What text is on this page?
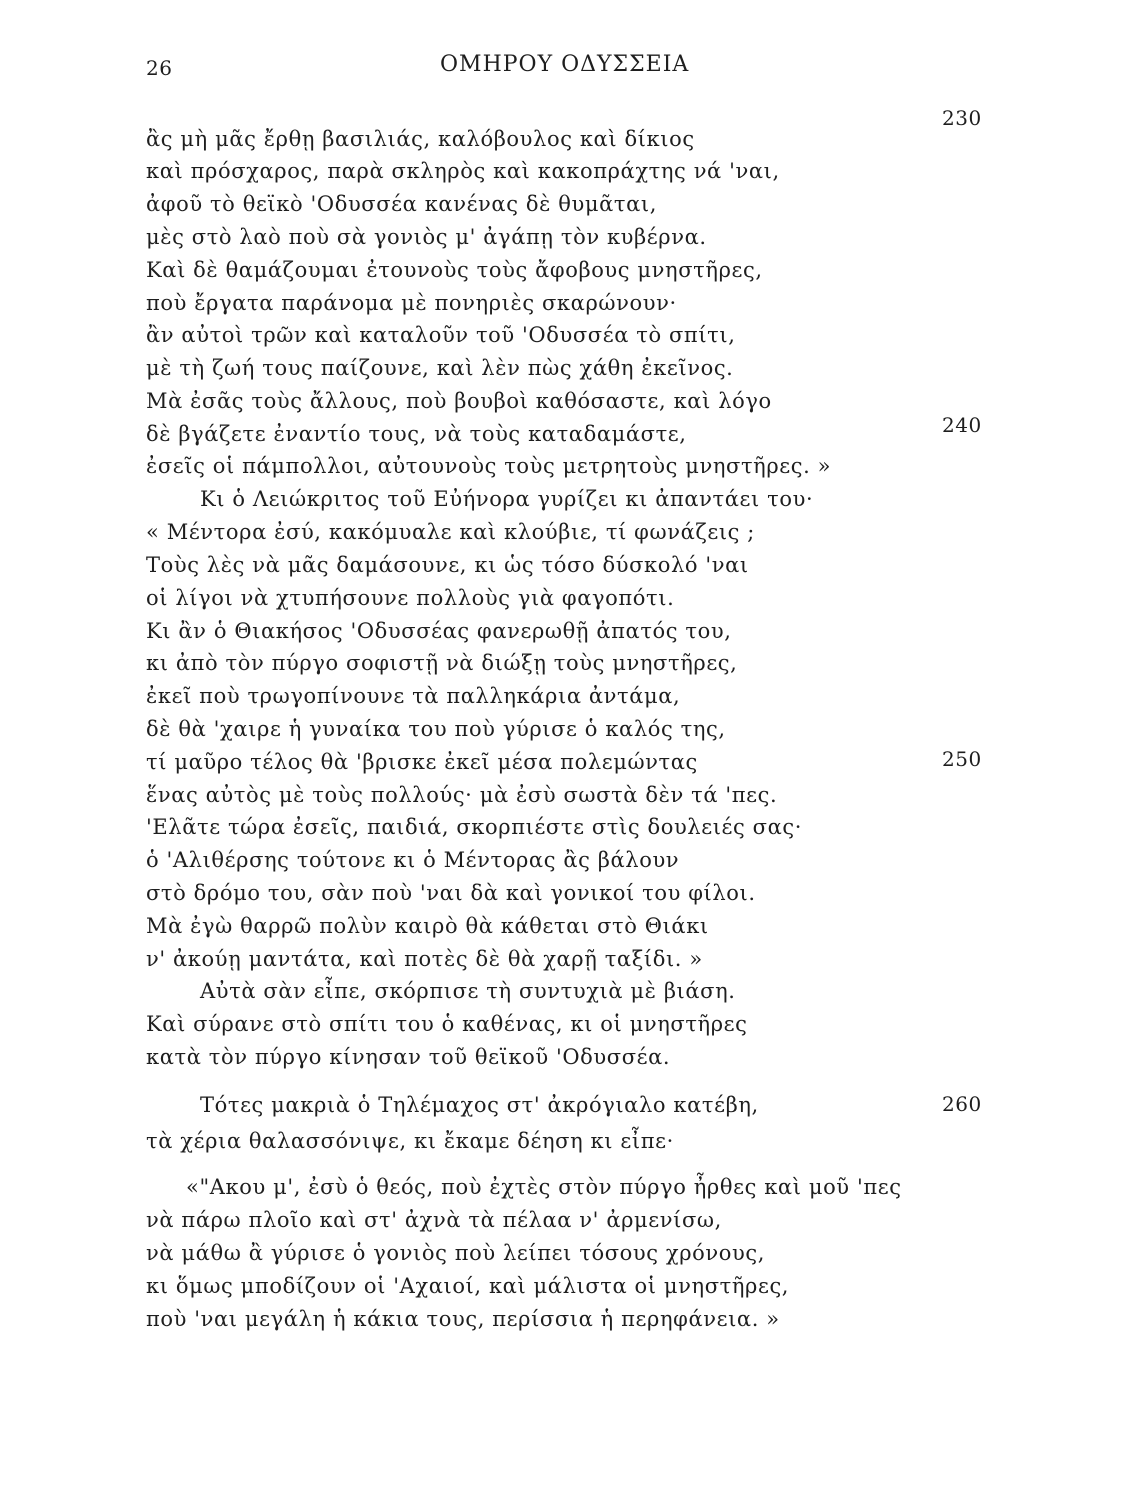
26	ΟΜΗΡΟΥ ΟΔΥΣΣΕΙΑ
ἂς μὴ μᾶς ἔρθῃ βασιλιάς, καλόβουλος καὶ δίκιος
καὶ πρόσχαρος, παρὰ σκληρὸς καὶ κακοπράχτης νά 'ναι,
ἀφοῦ τὸ θεϊκὸ 'Οδυσσέα κανένας δὲ θυμᾶται,
μὲς στὸ λαὸ ποὺ σὰ γονιὸς μ' ἀγάπῃ τὸν κυβέρνα.
Καὶ δὲ θαμάζουμαι ἐτουνοὺς τοὺς ἄφοβους μνηστῆρες,
ποὺ ἔργατα παράνομα μὲ πονηριὲς σκαρώνουν·
ἂν αὐτοὶ τρῶν καὶ καταλοῦν τοῦ 'Οδυσσέα τὸ σπίτι,
μὲ τὴ ζωή τους παίζουνε, καὶ λὲν πὼς χάθη ἐκεῖνος.
Μὰ ἐσᾶς τοὺς ἄλλους, ποὺ βουβοὶ καθόσαστε, καὶ λόγο
δὲ βγάζετε ἐναντίο τους, νὰ τοὺς καταδαμάστε,
ἐσεῖς οἱ πάμπολλοι, αὐτουνοὺς τοὺς μετρητοὺς μνηστῆρες. »
Κι ὁ Λειώκριτος τοῦ Εὐήνορα γυρίζει κι ἀπαντάει του·
« Μέντορα ἐσύ, κακόμυαλε καὶ κλούβιε, τί φωνάζεις ;
Τοὺς λὲς νὰ μᾶς δαμάσουνε, κι ὡς τόσο δύσκολό 'ναι
οἱ λίγοι νὰ χτυπήσουνε πολλοὺς γιὰ φαγοπότι.
Κι ἂν ὁ Θιακήσος 'Οδυσσέας φανερωθῇ ἀπατός του,
κι ἀπὸ τὸν πύργο σοφιστῇ νὰ διώξῃ τοὺς μνηστῆρες,
ἐκεῖ ποὺ τρωγοπίνουνε τὰ παλληκάρια ἀντάμα,
δὲ θὰ 'χαιρε ἡ γυναίκα του ποὺ γύρισε ὁ καλός της,
τί μαῦρο τέλος θὰ 'βρισκε ἐκεῖ μέσα πολεμώντας
ἕνας αὐτὸς μὲ τοὺς πολλούς· μὰ ἐσὺ σωστὰ δὲν τά 'πες.
'Ελᾶτε τώρα ἐσεῖς, παιδιά, σκορπιέστε στὶς δουλειές σας·
ὁ 'Αλιθέρσης τούτονε κι ὁ Μέντορας ἂς βάλουν
στὸ δρόμο του, σὰν ποὺ 'ναι δὰ καὶ γονικοί του φίλοι.
Μὰ ἐγὼ θαρρῶ πολὺν καιρὸ θὰ κάθεται στὸ Θιάκι
ν' ἀκούῃ μαντάτα, καὶ ποτὲς δὲ θὰ χαρῇ ταξίδι. »
Αὐτὰ σὰν εἶπε, σκόρπισε τὴ συντυχιὰ μὲ βιάση.
Καὶ σύρανε στὸ σπίτι του ὁ καθένας, κι οἱ μνηστῆρες
κατὰ τὸν πύργο κίνησαν τοῦ θεϊκοῦ 'Οδυσσέα.
Τότες μακριὰ ὁ Τηλέμαχος στ' ἀκρόγιαλο κατέβη,
τὰ χέρια θαλασσόνιψε, κι ἔκαμε δέηση κι εἶπε·
«"Ακου μ', ἐσὺ ὁ θεός, ποὺ ἐχτὲς στὸν πύργο ἦρθες καὶ μοῦ 'πες
νὰ πάρω πλοῖο καὶ στ' ἀχνὰ τὰ πέλαα ν' ἀρμενίσω,
νὰ μάθω ἂ γύρισε ὁ γονιὸς ποὺ λείπει τόσους χρόνους,
κι ὅμως μποδίζουν οἱ 'Αχαιοί, καὶ μάλιστα οἱ μνηστῆρες,
ποὺ 'ναι μεγάλη ἡ κάκια τους, περίσσια ἡ περηφάνεια. »
230
240
250
260
